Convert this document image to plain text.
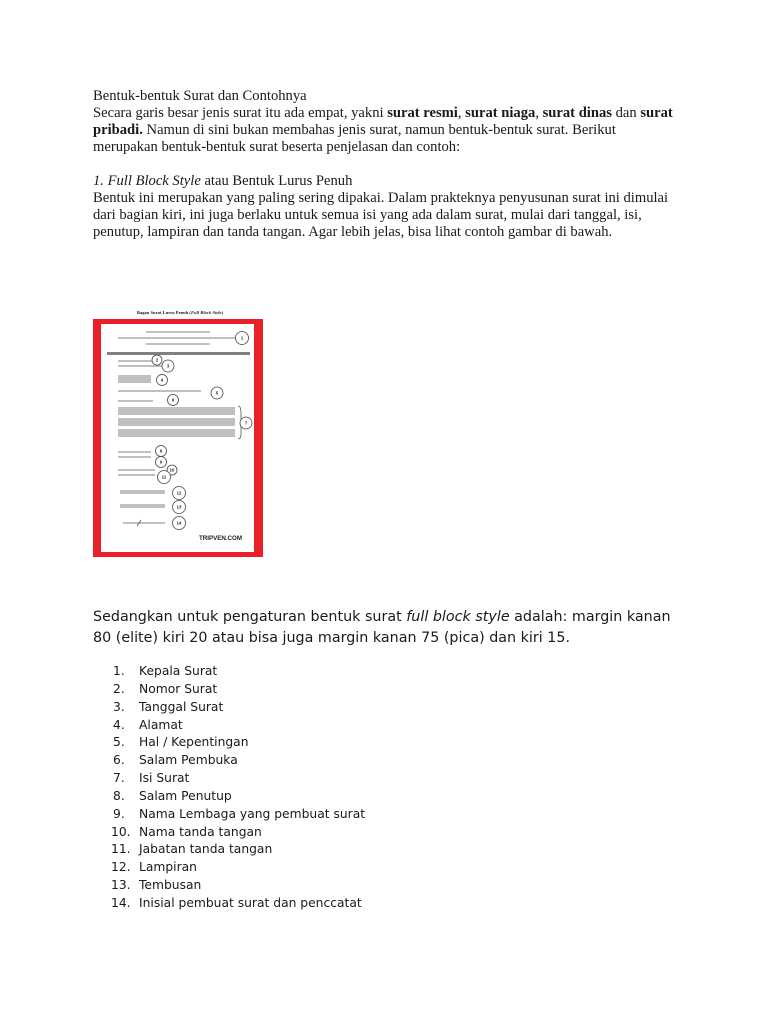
Bentuk-bentuk Surat dan Contohnya

Secara garis besar jenis surat itu ada empat, yakni surat resmi, surat niaga, surat dinas dan surat pribadi. Namun di sini bukan membahas jenis surat, namun bentuk-bentuk surat. Berikut merupakan bentuk-bentuk surat beserta penjelasan dan contoh:

1. Full Block Style atau Bentuk Lurus Penuh

Bentuk ini merupakan yang paling sering dipakai. Dalam prakteknya penyusunan surat ini dimulai dari bagian kiri, ini juga berlaku untuk semua isi yang ada dalam surat, mulai dari tanggal, isi, penutup, lampiran dan tanda tangan. Agar lebih jelas, bisa lihat contoh gambar di bawah.

Bagan Surat Lurus Penuh (Full Block Style)
1
2
3
4
5
6
7
8
9
10
11
12
13
14
TRIPVEN.COM

Sedangkan untuk pengaturan bentuk surat full block style adalah: margin kanan 80 (elite) kiri 20 atau bisa juga margin kanan 75 (pica) dan kiri 15.

1. Kepala Surat
2. Nomor Surat
3. Tanggal Surat
4. Alamat
5. Hal / Kepentingan
6. Salam Pembuka
7. Isi Surat
8. Salam Penutup
9. Nama Lembaga yang pembuat surat
10. Nama tanda tangan
11. Jabatan tanda tangan
12. Lampiran
13. Tembusan
14. Inisial pembuat surat dan penccatat
